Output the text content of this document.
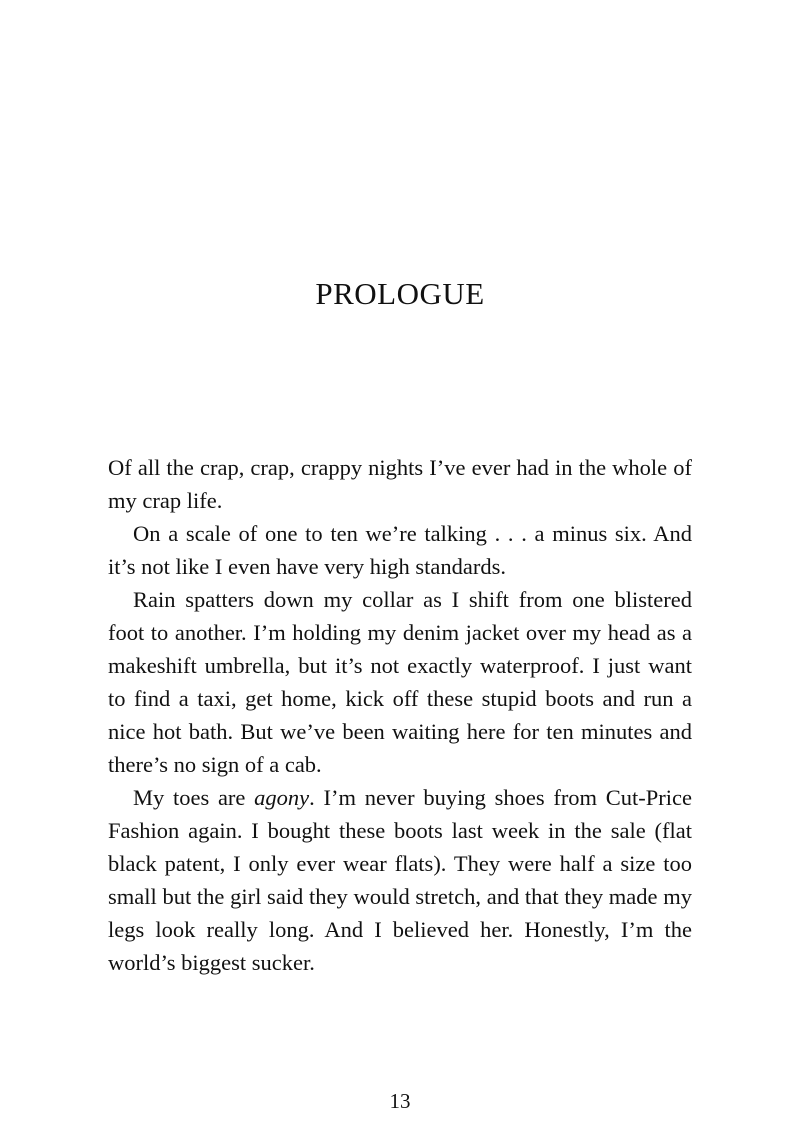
PROLOGUE

Of all the crap, crap, crappy nights I’ve ever had in the whole of my crap life.

On a scale of one to ten we’re talking . . . a minus six. And it’s not like I even have very high standards.

Rain spatters down my collar as I shift from one blistered foot to another. I’m holding my denim jacket over my head as a makeshift umbrella, but it’s not exactly waterproof. I just want to find a taxi, get home, kick off these stupid boots and run a nice hot bath. But we’ve been waiting here for ten minutes and there’s no sign of a cab.

My toes are agony. I’m never buying shoes from Cut-Price Fashion again. I bought these boots last week in the sale (flat black patent, I only ever wear flats). They were half a size too small but the girl said they would stretch, and that they made my legs look really long. And I believed her. Honestly, I’m the world’s biggest sucker.

13
